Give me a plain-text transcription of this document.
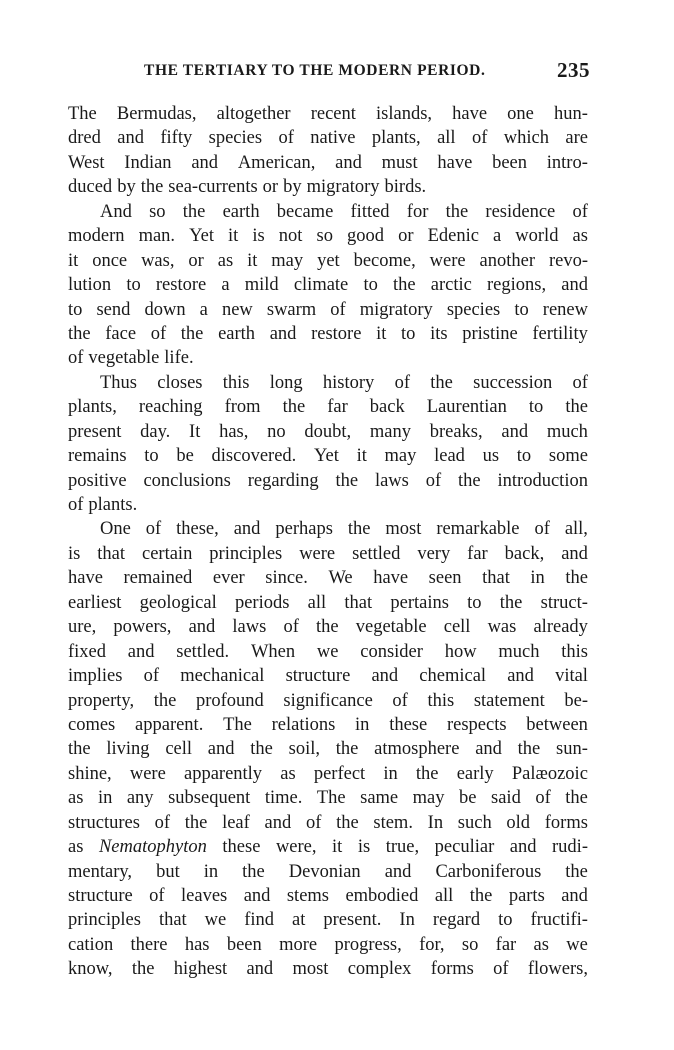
THE TERTIARY TO THE MODERN PERIOD.	235
The Bermudas, altogether recent islands, have one hun-
dred and fifty species of native plants, all of which are
West Indian and American, and must have been intro-
duced by the sea-currents or by migratory birds.
And so the earth became fitted for the residence of
modern man. Yet it is not so good or Edenic a world as
it once was, or as it may yet become, were another revo-
lution to restore a mild climate to the arctic regions, and
to send down a new swarm of migratory species to renew
the face of the earth and restore it to its pristine fertility
of vegetable life.
Thus closes this long history of the succession of
plants, reaching from the far back Laurentian to the
present day. It has, no doubt, many breaks, and much
remains to be discovered. Yet it may lead us to some
positive conclusions regarding the laws of the introduction
of plants.
One of these, and perhaps the most remarkable of all,
is that certain principles were settled very far back, and
have remained ever since. We have seen that in the
earliest geological periods all that pertains to the struct-
ure, powers, and laws of the vegetable cell was already
fixed and settled. When we consider how much this
implies of mechanical structure and chemical and vital
property, the profound significance of this statement be-
comes apparent. The relations in these respects between
the living cell and the soil, the atmosphere and the sun-
shine, were apparently as perfect in the early Palæozoic
as in any subsequent time. The same may be said of the
structures of the leaf and of the stem. In such old forms
as Nematophyton these were, it is true, peculiar and rudi-
mentary, but in the Devonian and Carboniferous the
structure of leaves and stems embodied all the parts and
principles that we find at present. In regard to fructifi-
cation there has been more progress, for, so far as we
know, the highest and most complex forms of flowers,
